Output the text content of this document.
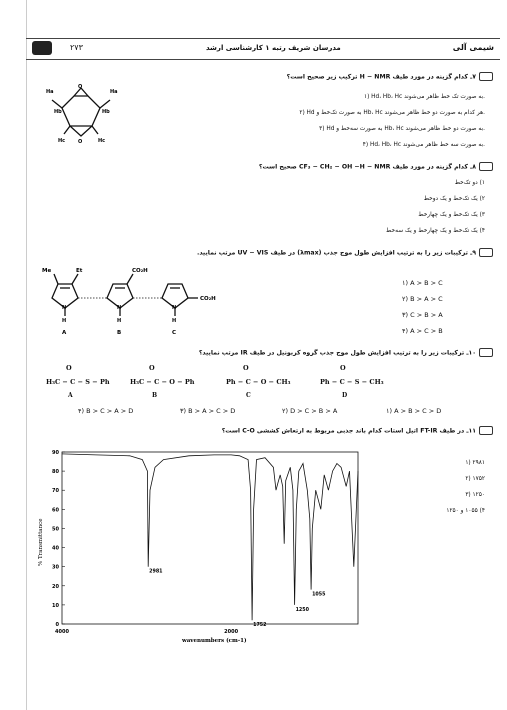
۲۷۳	مدرسان شریف رتبه ۱ کارشناسی ارشد	شیمی آلی
۷ـ کدام گزینه در مورد طیف H − NMR ترکیب زیر صحیح است؟
۱) Hd، Hb، Hc به صورت تک خط ظاهر می‌شوند.
۲) Hd به صورت تک‌خط و Hb، Hc هر کدام به صورت دو خط ظاهر می‌شوند.
۳) Hd به صورت سه‌خط و Hb، Hc به صورت دو خط ظاهر می‌شوند.
۴) Hd، Hb، Hc به صورت سه خط ظاهر می‌شوند.
Ha	Ha
Hb	Hb
O
Hc	Hc
O
۸ـ کدام گزینه در مورد طیف CF₃ − CH₂ − OH −H − NMR صحیح است؟
۱) دو تک‌خط
۲) یک تک‌خط و یک دوخط
۳) یک تک‌خط و یک چهارخط
۴) یک تک‌خط و یک چهارخط و یک سه‌خط
۹ـ ترکیبات زیر را به ترتیب افزایش طول موج جذب (λmax) در طیف UV − VIS مرتب نمایید.
۱) A > B > C
۲) B > A > C
۳) C > B > A
۴) A > C > B
Me	Et	CO₂H
CO₂H
N
H
N
H
N
H
A	B	C
۱۰ـ ترکیبات زیر را به ترتیب افزایش طول موج جذب گروه کربونیل در طیف IR مرتب نمایید؟
O	O	O	O
H₃C − C − S − Ph	H₃C − C − O − Ph	Ph − C − O − CH₃	Ph − C − S − CH₃
A	B	C	D
۴) B > C > A > D	۳) B > A > C > D	۲) D > C > B > A	۱) A > B > C > D
۱۱ـ در طیف FT-IR اتیل استات کدام باند جذبی مربوط به ارتعاش کششی C-O است؟
۱) ۲۹۸۱
۲) ۱۷۵۲
۳) ۱۲۵۰
۴) ۱۰۵۵ و ۱۲۵۰
0
10
20
30
40
50
60
70
80
90
4000	2000
2981
1752
1250
1055
wavenumbers (cm-1)
% Transmittance
